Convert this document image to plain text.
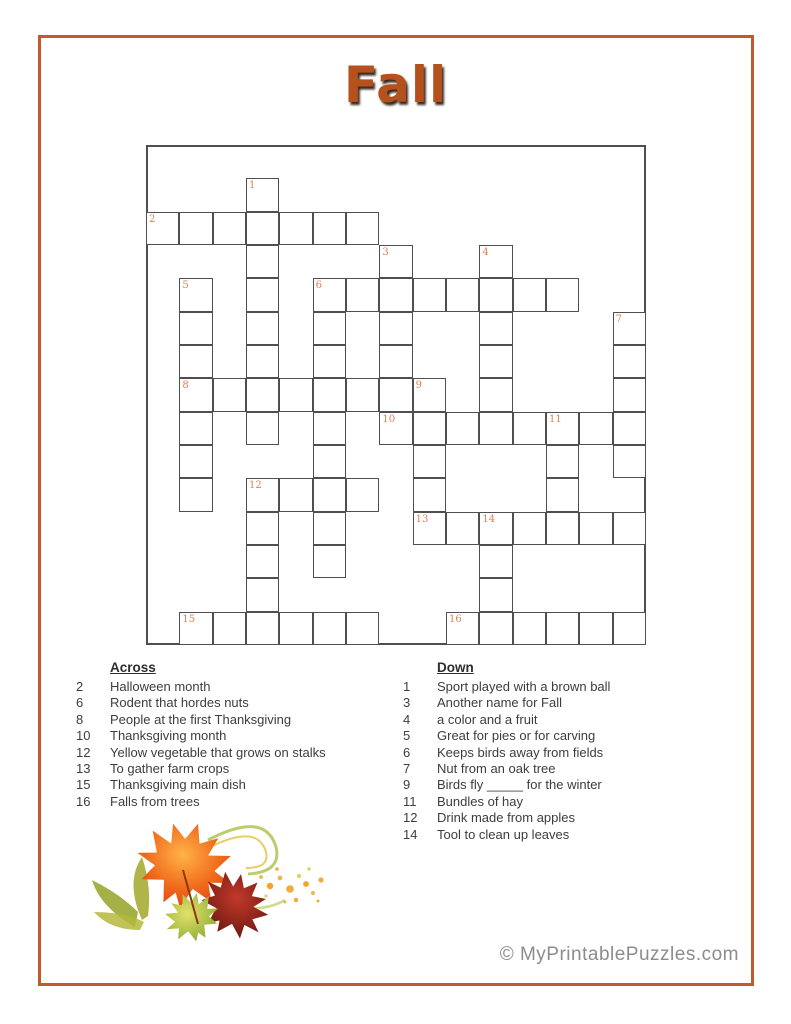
Fall
1
2
3	4
5	6
7
8	9
10	11
12
13	14
15	16

Across

2	Halloween month
6	Rodent that hordes nuts
8	People at the first Thanksgiving
10	Thanksgiving month
12	Yellow vegetable that grows on stalks
13	To gather farm crops
15	Thanksgiving main dish
16	Falls from trees

Down

1	Sport played with a brown ball
3	Another name for Fall
4	a color and a fruit
5	Great for pies or for carving
6	Keeps birds away from fields
7	Nut from an oak tree
9	Birds fly _____ for the winter
11	Bundles of hay
12	Drink made from apples
14	Tool to clean up leaves
© MyPrintablePuzzles.com
